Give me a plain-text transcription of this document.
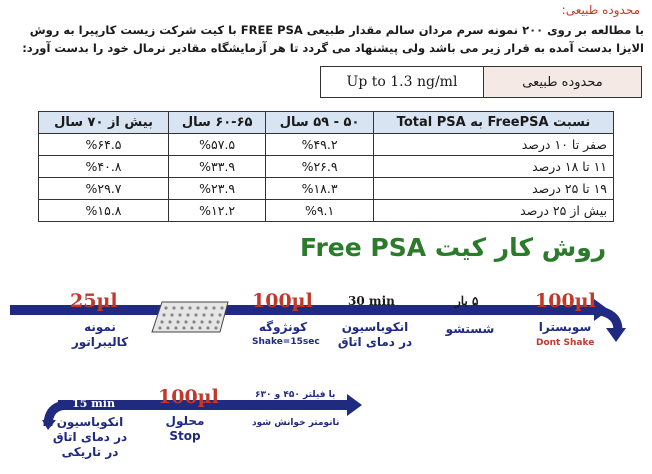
محدوده طبیعی:
با مطالعه بر روی ۲۰۰ نمونه سرم مردان سالم مقدار طبیعی FREE PSA با کیت شرکت زیست کارپیرا به روش الایزا بدست آمده به قرار زیر می باشد ولی پیشنهاد می گردد تا هر آزمایشگاه مقادیر نرمال خود را بدست آورد:
Up to 1.3 ng/ml	محدوده طبیعی
نسبت FreePSA به Total PSA	۵۰ - ۵۹ سال	۶۰-۶۵ سال	بیش از ۷۰ سال
صفر تا ۱۰ درصد	%۴۹.۲	%۵۷.۵	%۶۴.۵
۱۱ تا ۱۸ درصد	%۲۶.۹	%۳۳.۹	%۴۰.۸
۱۹ تا ۲۵ درصد	%۱۸.۳	%۲۳.۹	%۲۹.۷
بیش از ۲۵ درصد	%۹.۱	%۱۲.۲	%۱۵.۸
روش کار کیت Free PSA
25µl
نمونه
کالیبراتور
100µl
کونژوگه
Shake=15sec
30 min
انکوباسیون
در دمای اتاق
۵ بار
شستشو
100µl
سوبسترا
Dont Shake
15 min
انکوباسیون
در دمای اتاق
در تاریکی
100µl
محلول
Stop
با فیلتر ۴۵۰ و ۶۳۰
نانومتر خوانش شود
